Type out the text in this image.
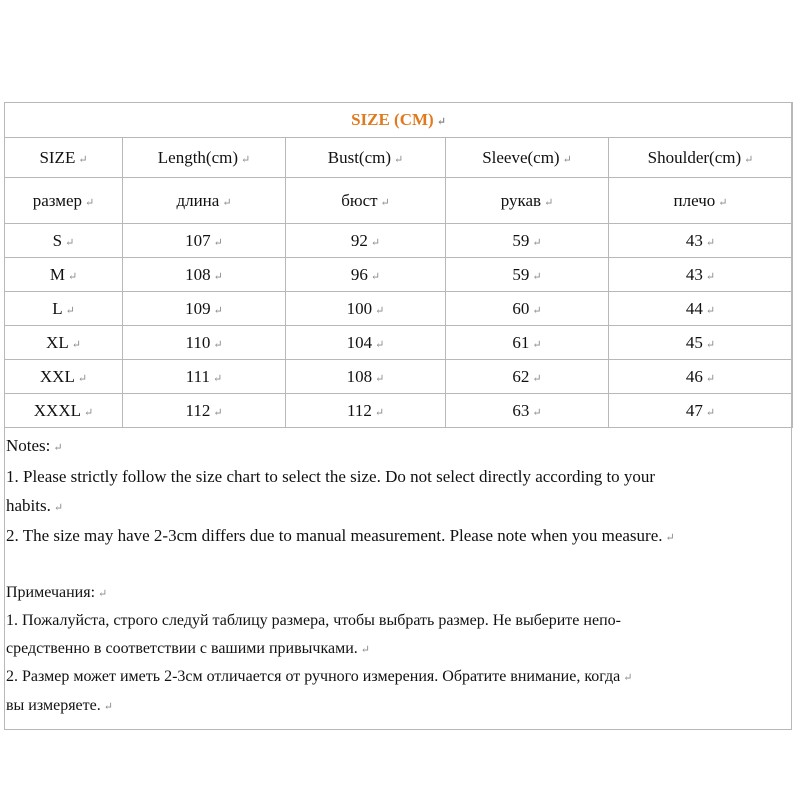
SIZE (CM) ↵				
SIZE ↵	Length(cm) ↵	Bust(cm) ↵	Sleeve(cm) ↵	Shoulder(cm) ↵
размер ↵	длина ↵	бюст ↵	рукав ↵	плечо ↵
S ↵	107 ↵	92 ↵	59 ↵	43 ↵
M ↵	108 ↵	96 ↵	59 ↵	43 ↵
L ↵	109 ↵	100 ↵	60 ↵	44 ↵
XL ↵	110 ↵	104 ↵	61 ↵	45 ↵
XXL ↵	111 ↵	108 ↵	62 ↵	46 ↵
XXXL ↵	112 ↵	112 ↵	63 ↵	47 ↵
Notes: ↵
1. Please strictly follow the size chart to select the size. Do not select directly according to your
habits. ↵
2. The size may have 2-3cm differs due to manual measurement. Please note when you measure. ↵
Примечания: ↵
1. Пожалуйста, строго следуй таблицу размера, чтобы выбрать размер. Не выберите непо-
средственно в соответствии с вашими привычками. ↵
2. Размер может иметь 2-3см отличается от ручного измерения. Обратите внимание, когда ↵
вы измеряете. ↵
